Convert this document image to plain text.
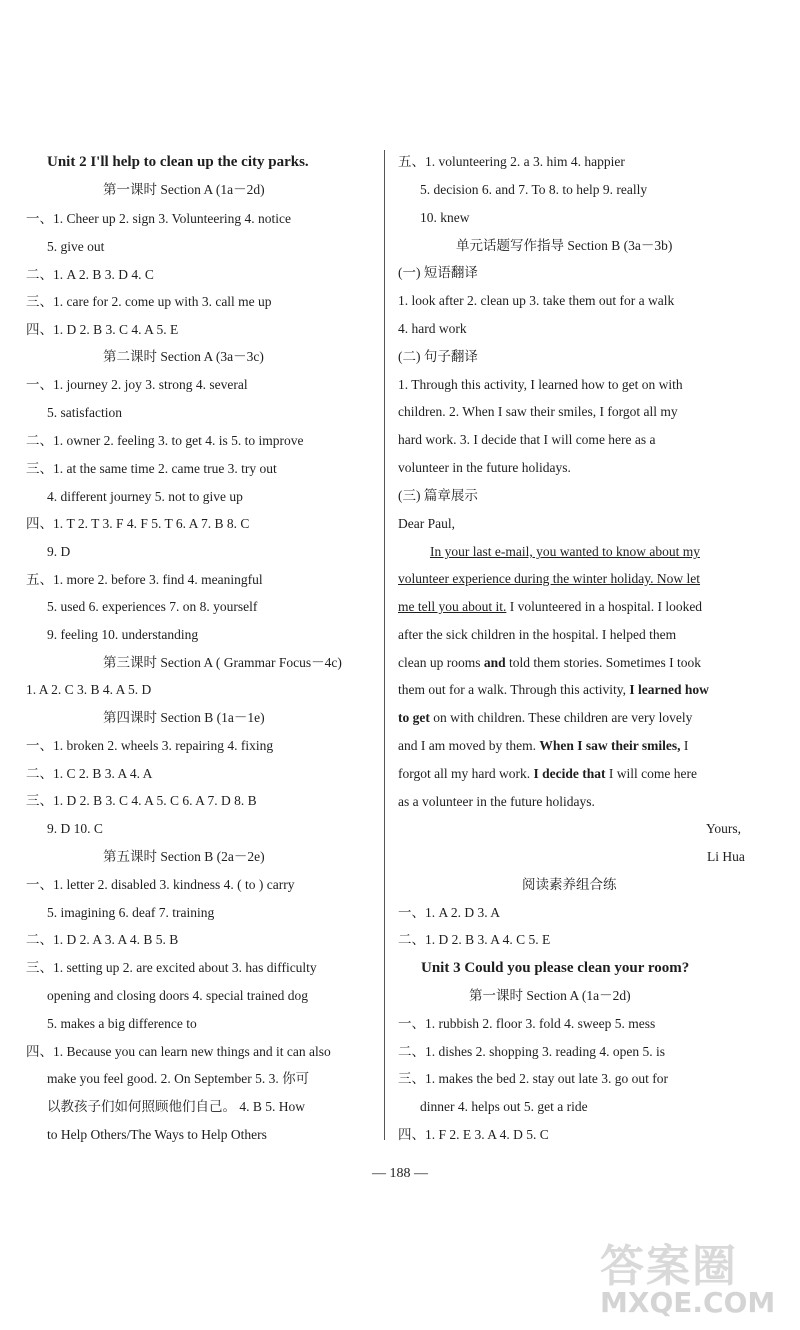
Unit 2 I'll help to clean up the city parks.
第一课时 Section A (1a－2d)
一、1. Cheer up 2. sign 3. Volunteering 4. notice
5. give out
二、1. A 2. B 3. D 4. C
三、1. care for 2. come up with 3. call me up
四、1. D 2. B 3. C 4. A 5. E
第二课时 Section A (3a－3c)
一、1. journey 2. joy 3. strong 4. several
5. satisfaction
二、1. owner 2. feeling 3. to get 4. is 5. to improve
三、1. at the same time 2. came true 3. try out
4. different journey 5. not to give up
四、1. T 2. T 3. F 4. F 5. T 6. A 7. B 8. C
9. D
五、1. more 2. before 3. find 4. meaningful
5. used 6. experiences 7. on 8. yourself
9. feeling 10. understanding
第三课时 Section A ( Grammar Focus－4c)
1. A 2. C 3. B 4. A 5. D
第四课时 Section B (1a－1e)
一、1. broken 2. wheels 3. repairing 4. fixing
二、1. C 2. B 3. A 4. A
三、1. D 2. B 3. C 4. A 5. C 6. A 7. D 8. B
9. D 10. C
第五课时 Section B (2a－2e)
一、1. letter 2. disabled 3. kindness 4. ( to ) carry
5. imagining 6. deaf 7. training
二、1. D 2. A 3. A 4. B 5. B
三、1. setting up 2. are excited about 3. has difficulty
opening and closing doors 4. special trained dog
5. makes a big difference to
四、1. Because you can learn new things and it can also
make you feel good. 2. On September 5. 3. 你可
以教孩子们如何照顾他们自己。 4. B 5. How
to Help Others/The Ways to Help Others
五、1. volunteering 2. a 3. him 4. happier
5. decision 6. and 7. To 8. to help 9. really
10. knew
单元话题写作指导 Section B (3a－3b)
(一) 短语翻译
1. look after 2. clean up 3. take them out for a walk
4. hard work
(二) 句子翻译
1. Through this activity, I learned how to get on with
children. 2. When I saw their smiles, I forgot all my
hard work. 3. I decide that I will come here as a
volunteer in the future holidays.
(三) 篇章展示
Dear Paul,
In your last e-mail, you wanted to know about my
volunteer experience during the winter holiday. Now let
me tell you about it. I volunteered in a hospital. I looked
after the sick children in the hospital. I helped them
clean up rooms and told them stories. Sometimes I took
them out for a walk. Through this activity, I learned how
to get on with children. These children are very lovely
and I am moved by them. When I saw their smiles, I
forgot all my hard work. I decide that I will come here
as a volunteer in the future holidays.
Yours,
Li Hua
阅读素养组合练
一、1. A 2. D 3. A
二、1. D 2. B 3. A 4. C 5. E
Unit 3 Could you please clean your room?
第一课时 Section A (1a－2d)
一、1. rubbish 2. floor 3. fold 4. sweep 5. mess
二、1. dishes 2. shopping 3. reading 4. open 5. is
三、1. makes the bed 2. stay out late 3. go out for
dinner 4. helps out 5. get a ride
四、1. F 2. E 3. A 4. D 5. C
— 188 —
答案圈
MXQE.COM
